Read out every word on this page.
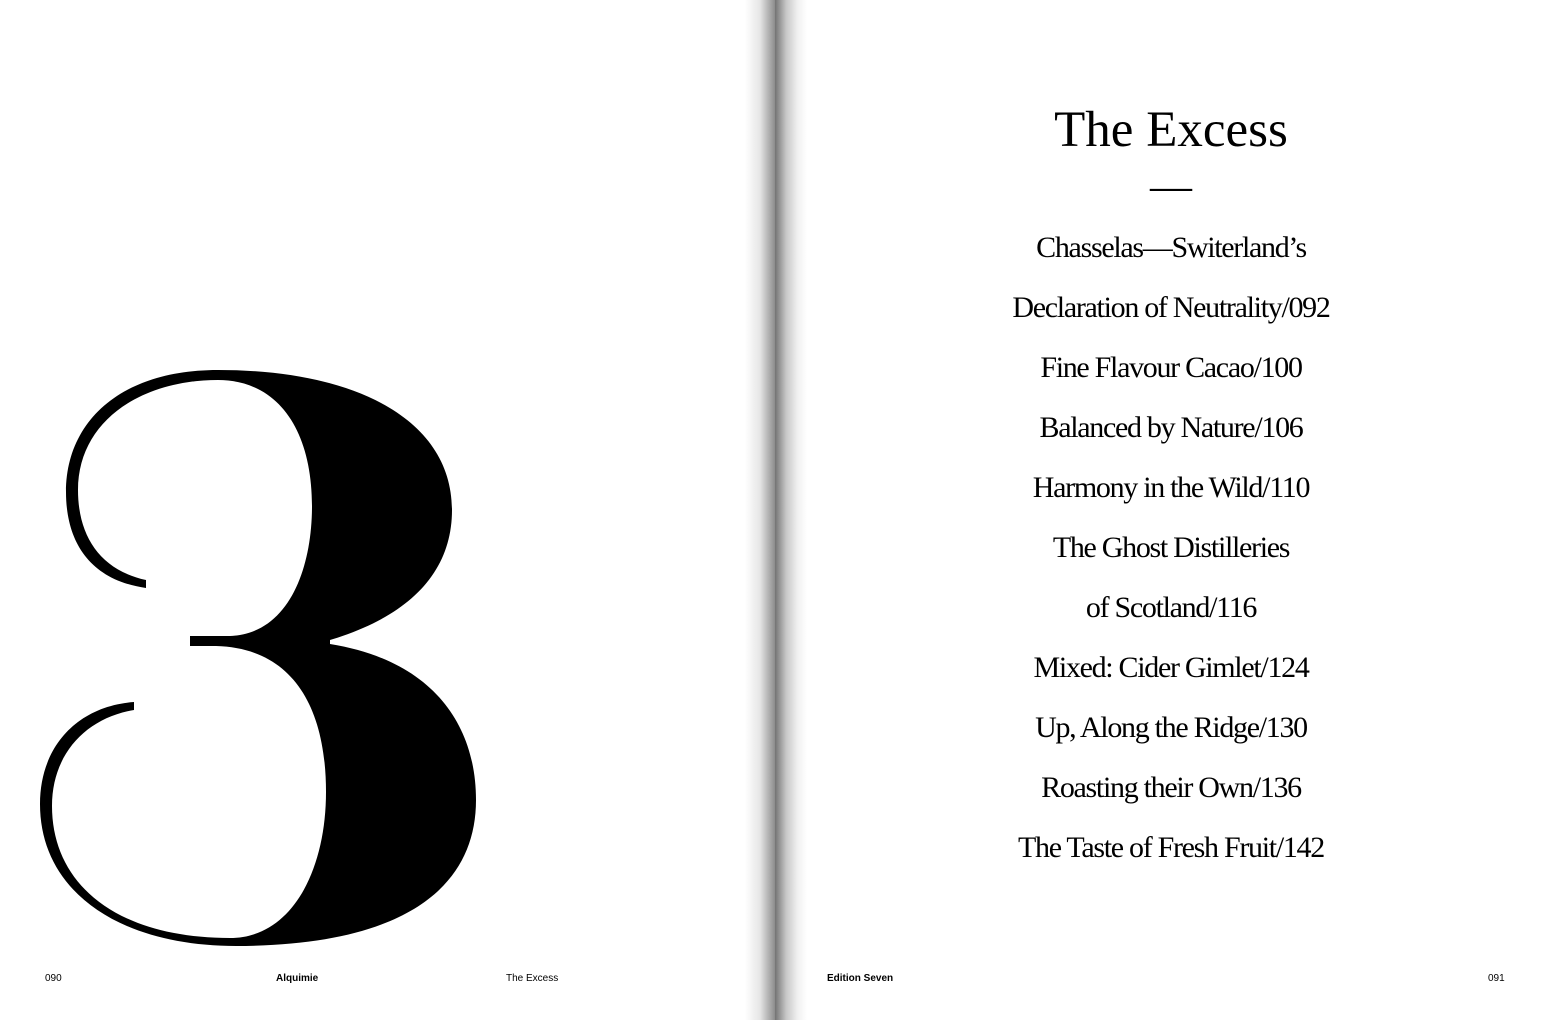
090	Alquimie	The Excess
The Excess
—
Chasselas—Switerland’s
Declaration of Neutrality/092
Fine Flavour Cacao/100
Balanced by Nature/106
Harmony in the Wild/110
The Ghost Distilleries
of Scotland/116
Mixed: Cider Gimlet/124
Up, Along the Ridge/130
Roasting their Own/136
The Taste of Fresh Fruit/142
Edition Seven	091
